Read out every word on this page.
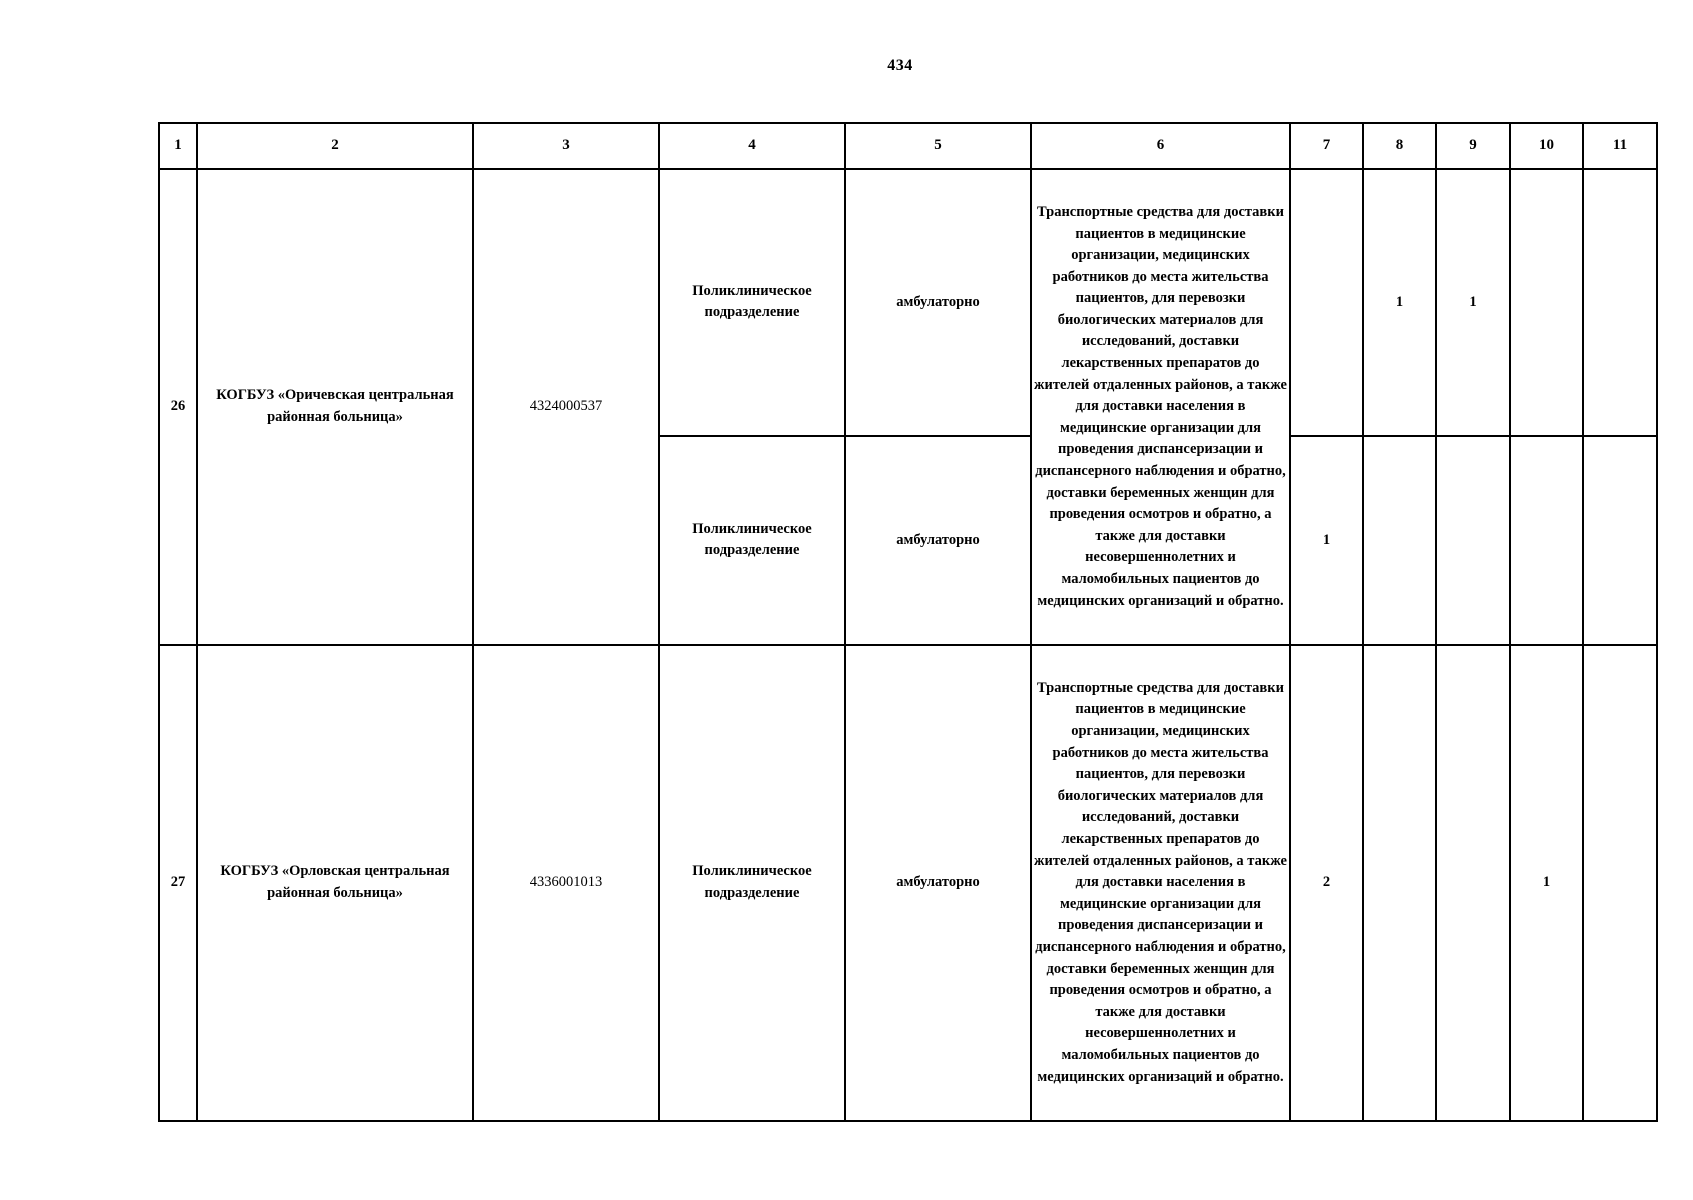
434
1	2	3	4	5	6	7	8	9	10	11
26	КОГБУЗ «Оричевская центральная районная больница»	4324000537	Поликлиническое подразделение	амбулаторно	Транспортные средства для доставки пациентов в медицинские организации, медицинских работников до места жительства пациентов, для перевозки биологических материалов для исследований, доставки лекарственных препаратов до жителей отдаленных районов, а также для доставки населения в медицинские организации для проведения диспансеризации и диспансерного наблюдения и обратно, доставки беременных женщин для проведения осмотров и обратно, а также для доставки несовершеннолетних и маломобильных пациентов до медицинских организаций и обратно.		1	1		
			Поликлиническое подразделение	амбулаторно		1				
27	КОГБУЗ «Орловская центральная районная больница»	4336001013	Поликлиническое подразделение	амбулаторно	Транспортные средства для доставки пациентов в медицинские организации, медицинских работников до места жительства пациентов, для перевозки биологических материалов для исследований, доставки лекарственных препаратов до жителей отдаленных районов, а также для доставки населения в медицинские организации для проведения диспансеризации и диспансерного наблюдения и обратно, доставки беременных женщин для проведения осмотров и обратно, а также для доставки несовершеннолетних и маломобильных пациентов до медицинских организаций и обратно.	2			1	
